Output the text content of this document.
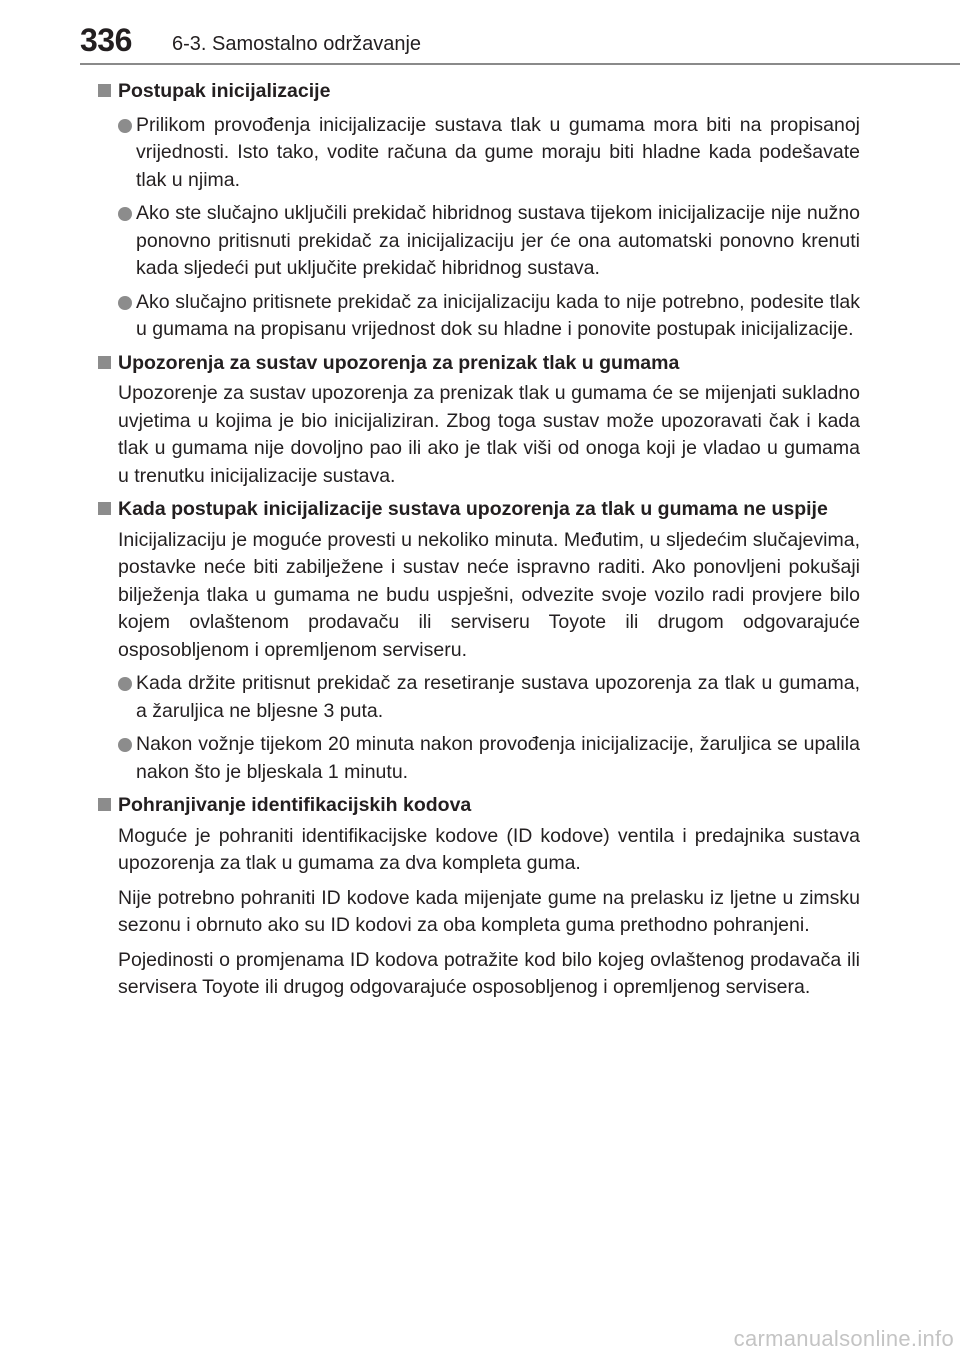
336 6-3. Samostalno održavanje
Postupak inicijalizacije
Prilikom provođenja inicijalizacije sustava tlak u gumama mora biti na propisanoj vrijednosti. Isto tako, vodite računa da gume moraju biti hladne kada podešavate tlak u njima.
Ako ste slučajno uključili prekidač hibridnog sustava tijekom inicijalizacije nije nužno ponovno pritisnuti prekidač za inicijalizaciju jer će ona automatski ponovno krenuti kada sljedeći put uključite prekidač hibridnog sustava.
Ako slučajno pritisnete prekidač za inicijalizaciju kada to nije potrebno, podesite tlak u gumama na propisanu vrijednost dok su hladne i ponovite postupak inicijalizacije.
Upozorenja za sustav upozorenja za prenizak tlak u gumama
Upozorenje za sustav upozorenja za prenizak tlak u gumama će se mijenjati sukladno uvjetima u kojima je bio inicijaliziran. Zbog toga sustav može upozoravati čak i kada tlak u gumama nije dovoljno pao ili ako je tlak viši od onoga koji je vladao u gumama u trenutku inicijalizacije sustava.
Kada postupak inicijalizacije sustava upozorenja za tlak u gumama ne uspije
Inicijalizaciju je moguće provesti u nekoliko minuta. Međutim, u sljedećim slučajevima, postavke neće biti zabilježene i sustav neće ispravno raditi. Ako ponovljeni pokušaji bilježenja tlaka u gumama ne budu uspješni, odvezite svoje vozilo radi provjere bilo kojem ovlaštenom prodavaču ili serviseru Toyote ili drugom odgovarajuće osposobljenom i opremljenom serviseru.
Kada držite pritisnut prekidač za resetiranje sustava upozorenja za tlak u gumama, a žaruljica ne bljesne 3 puta.
Nakon vožnje tijekom 20 minuta nakon provođenja inicijalizacije, žaruljica se upalila nakon što je bljeskala 1 minutu.
Pohranjivanje identifikacijskih kodova
Moguće je pohraniti identifikacijske kodove (ID kodove) ventila i predajnika sustava upozorenja za tlak u gumama za dva kompleta guma.
Nije potrebno pohraniti ID kodove kada mijenjate gume na prelasku iz ljetne u zimsku sezonu i obrnuto ako su ID kodovi za oba kompleta guma prethodno pohranjeni.
Pojedinosti o promjenama ID kodova potražite kod bilo kojeg ovlaštenog prodavača ili servisera Toyote ili drugog odgovarajuće osposobljenog i opremljenog servisera.
carmanualsonline.info
